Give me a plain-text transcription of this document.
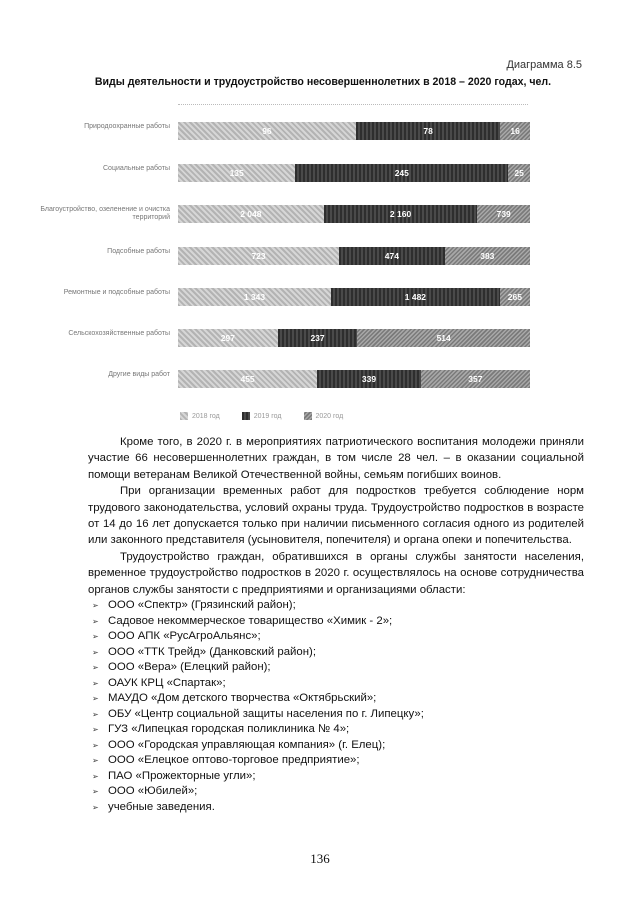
Диаграмма 8.5
Виды деятельности и трудоустройство несовершеннолетних в 2018 – 2020 годах, чел.
Природоохранные работы	96	78	16
Социальные работы	135	245	25
Благоустройство, озеленение и очистка территорий	2 048	2 160	739
Подсобные работы	723	474	383
Ремонтные и подсобные работы	1 343	1 482	265
Сельскохозяйственные работы	297	237	514
Другие виды работ	455	339	357
2018 год	2019 год	2020 год

Кроме того, в 2020 г. в мероприятиях патриотического воспитания молодежи приняли участие 66 несовершеннолетних граждан, в том числе 28 чел. – в оказании социальной помощи ветеранам Великой Отечественной войны, семьям погибших воинов.

При организации временных работ для подростков требуется соблюдение норм трудового законодательства, условий охраны труда. Трудоустройство подростков в возрасте от 14 до 16 лет допускается только при наличии письменного согласия одного из родителей или законного представителя (усыновителя, попечителя) и органа опеки и попечительства.

Трудоустройство граждан, обратившихся в органы службы занятости населения, временное трудоустройство подростков в 2020 г. осуществлялось на основе сотрудничества органов службы занятости с предприятиями и организациями области:

➢ ООО «Спектр» (Грязинский район);
➢ Садовое некоммерческое товарищество «Химик - 2»;
➢ ООО АПК «РусАгроАльянс»;
➢ ООО «ТТК Трейд» (Данковский район);
➢ ООО «Вера» (Елецкий район);
➢ ОАУК КРЦ «Спартак»;
➢ МАУДО «Дом детского творчества «Октябрьский»;
➢ ОБУ «Центр социальной защиты населения по г. Липецку»;
➢ ГУЗ «Липецкая городская поликлиника № 4»;
➢ ООО «Городская управляющая компания» (г. Елец);
➢ ООО «Елецкое оптово-торговое предприятие»;
➢ ПАО «Прожекторные угли»;
➢ ООО «Юбилей»;
➢ учебные заведения.
136
